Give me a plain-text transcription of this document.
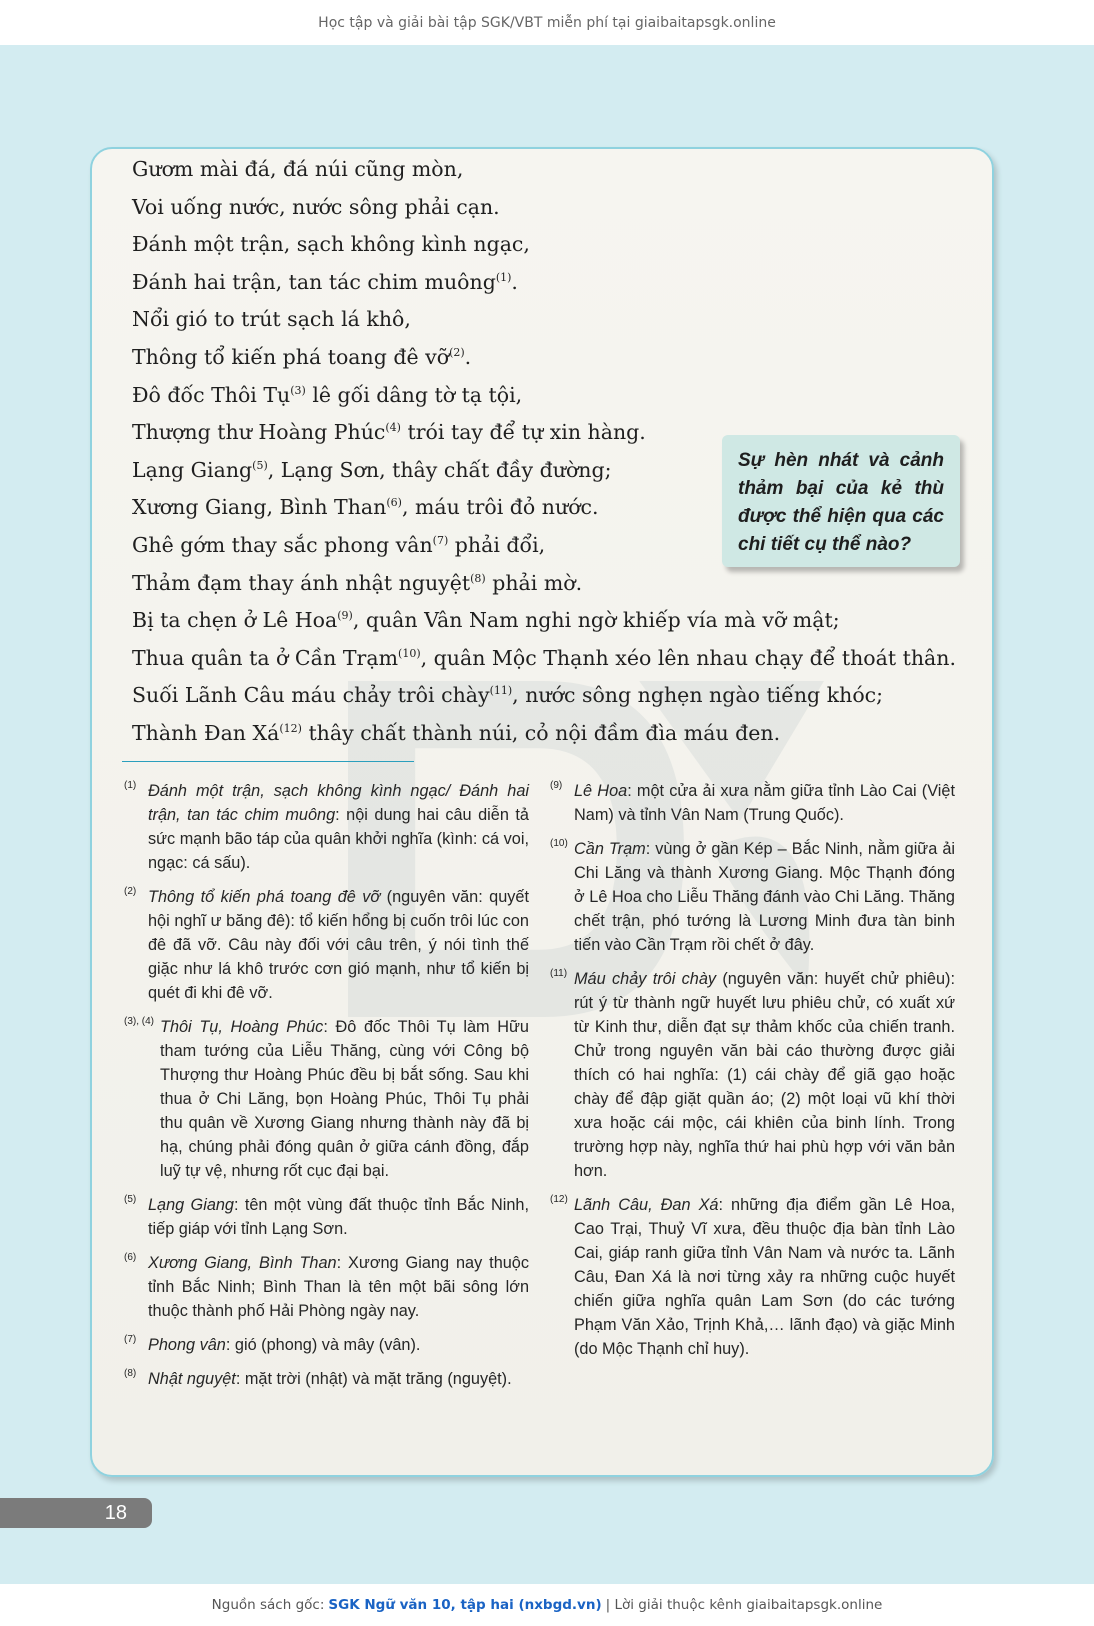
Học tập và giải bài tập SGK/VBT miễn phí tại giaibaitapsgk.online
Gươm mài đá, đá núi cũng mòn,
Voi uống nước, nước sông phải cạn.
Đánh một trận, sạch không kình ngạc,
Đánh hai trận, tan tác chim muông$^{(1)}$.
Nổi gió to trút sạch lá khô,
Thông tổ kiến phá toang đê vỡ$^{(2)}$.
Đô đốc Thôi Tụ$^{(3)}$ lê gối dâng tờ tạ tội,
Thượng thư Hoàng Phúc$^{(4)}$ trói tay để tự xin hàng.
Lạng Giang$^{(5)}$, Lạng Sơn, thây chất đầy đường;
Xương Giang, Bình Than$^{(6)}$, máu trôi đỏ nước.
Ghê gớm thay sắc phong vân$^{(7)}$ phải đổi,
Thảm đạm thay ánh nhật nguyệt$^{(8)}$ phải mờ.
Bị ta chẹn ở Lê Hoa$^{(9)}$, quân Vân Nam nghi ngờ khiếp vía mà vỡ mật;
Thua quân ta ở Cần Trạm$^{(10)}$, quân Mộc Thạnh xéo lên nhau chạy để thoát thân.
Suối Lãnh Câu máu chảy trôi chày$^{(11)}$, nước sông nghẹn ngào tiếng khóc;
Thành Đan $Xá^{(12)}$ thây chất thành núi, cỏ nội đầm đìa máu đen.
Sự hèn nhát và cảnh thảm bại của kẻ thù được thể hiện qua các chi tiết cụ thể nào?
(1) Đánh một trận, sạch không kình ngạc/ Đánh hai trận, tan tác chim muông: nội dung hai câu diễn tả sức mạnh bão táp của quân khởi nghĩa (kình: cá voi, ngạc: cá sấu).
(2) Thông tổ kiến phá toang đê vỡ (nguyên văn: quyết hội nghĩ ư băng đê): tổ kiến hổng bị cuốn trôi lúc con đê đã vỡ. Câu này đối với câu trên, ý nói tình thế giặc như lá khô trước cơn gió mạnh, như tổ kiến bị quét đi khi đê vỡ.
(3), (4) Thôi Tụ, Hoàng Phúc: Đô đốc Thôi Tụ làm Hữu tham tướng của Liễu Thăng, cùng với Công bộ Thượng thư Hoàng Phúc đều bị bắt sống. Sau khi thua ở Chi Lăng, bọn Hoàng Phúc, Thôi Tụ phải thu quân về Xương Giang nhưng thành này đã bị hạ, chúng phải đóng quân ở giữa cánh đồng, đắp luỹ tự vệ, nhưng rốt cục đại bại.
(5) Lạng Giang: tên một vùng đất thuộc tỉnh Bắc Ninh, tiếp giáp với tỉnh Lạng Sơn.
(6) Xương Giang, Bình Than: Xương Giang nay thuộc tỉnh Bắc Ninh; Bình Than là tên một bãi sông lớn thuộc thành phố Hải Phòng ngày nay.
(7) Phong vân: gió (phong) và mây (vân).
(8) Nhật nguyệt: mặt trời (nhật) và mặt trăng (nguyệt).
(9) Lê Hoa: một cửa ải xưa nằm giữa tỉnh Lào Cai (Việt Nam) và tỉnh Vân Nam (Trung Quốc).
(10) Cần Trạm: vùng ở gần Kép – Bắc Ninh, nằm giữa ải Chi Lăng và thành Xương Giang. Mộc Thạnh đóng ở Lê Hoa cho Liễu Thăng đánh vào Chi Lăng. Thăng chết trận, phó tướng là Lương Minh đưa tàn binh tiến vào Cần Trạm rồi chết ở đây.
(11) Máu chảy trôi chày (nguyên văn: huyết chử phiêu): rút ý từ thành ngữ huyết lưu phiêu chử, có xuất xứ từ Kinh thư, diễn đạt sự thảm khốc của chiến tranh. Chử trong nguyên văn bài cáo thường được giải thích có hai nghĩa: (1) cái chày để giã gạo hoặc chày để đập giặt quần áo; (2) một loại vũ khí thời xưa hoặc cái mộc, cái khiên của binh lính. Trong trường hợp này, nghĩa thứ hai phù hợp với văn bản hơn.
(12) Lãnh Câu, Đan Xá: những địa điểm gần Lê Hoa, Cao Trại, Thuỷ Vĩ xưa, đều thuộc địa bàn tỉnh Lào Cai, giáp ranh giữa tỉnh Vân Nam và nước ta. Lãnh Câu, Đan Xá là nơi từng xảy ra những cuộc huyết chiến giữa nghĩa quân Lam Sơn (do các tướng Phạm Văn Xảo, Trịnh Khả,… lãnh đạo) và giặc Minh (do Mộc Thạnh chỉ huy).
18
Nguồn sách gốc: SGK Ngữ văn 10, tập hai (nxbgd.vn) | Lời giải thuộc kênh giaibaitapsgk.online
